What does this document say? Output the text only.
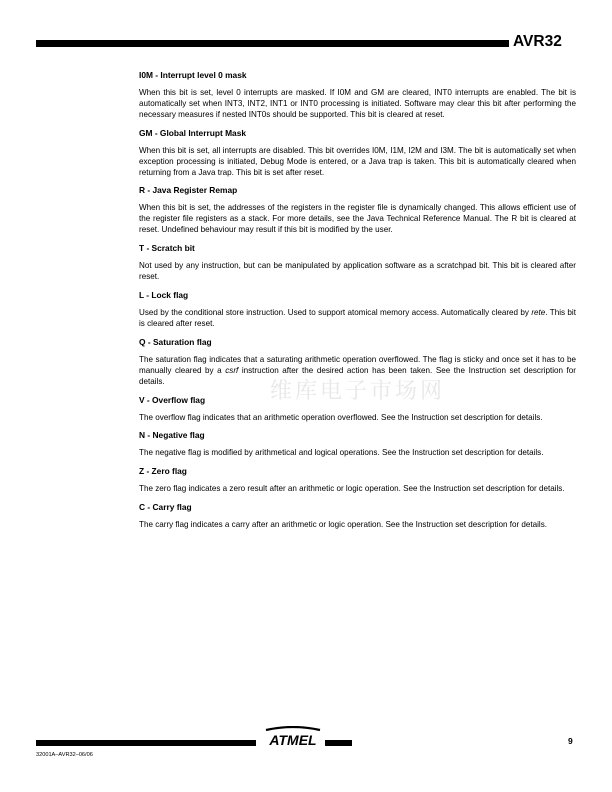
AVR32

I0M - Interrupt level 0 mask

When this bit is set, level 0 interrupts are masked. If I0M and GM are cleared, INT0 interrupts are enabled. The bit is automatically set when INT3, INT2, INT1 or INT0 processing is initiated. Software may clear this bit after performing the necessary measures if nested INT0s should be supported. This bit is cleared at reset.

GM - Global Interrupt Mask

When this bit is set, all interrupts are disabled. This bit overrides I0M, I1M, I2M and I3M. The bit is automatically set when exception processing is initiated, Debug Mode is entered, or a Java trap is taken. This bit is automatically cleared when returning from a Java trap. This bit is set after reset.

R - Java Register Remap

When this bit is set, the addresses of the registers in the register file is dynamically changed. This allows efficient use of the register file registers as a stack. For more details, see the Java Technical Reference Manual. The R bit is cleared at reset. Undefined behaviour may result if this bit is modified by the user.

T - Scratch bit

Not used by any instruction, but can be manipulated by application software as a scratchpad bit. This bit is cleared after reset.

L - Lock flag

Used by the conditional store instruction. Used to support atomical memory access. Automatically cleared by rete. This bit is cleared after reset.

Q - Saturation flag

The saturation flag indicates that a saturating arithmetic operation overflowed. The flag is sticky and once set it has to be manually cleared by a csrf instruction after the desired action has been taken. See the Instruction set description for details.

V - Overflow flag

The overflow flag indicates that an arithmetic operation overflowed. See the Instruction set description for details.

N - Negative flag

The negative flag is modified by arithmetical and logical operations. See the Instruction set description for details.

Z - Zero flag

The zero flag indicates a zero result after an arithmetic or logic operation. See the Instruction set description for details.

C - Carry flag

The carry flag indicates a carry after an arithmetic or logic operation. See the Instruction set description for details.

维库电子市场网
ATMEL
32001A–AVR32–06/06
9
